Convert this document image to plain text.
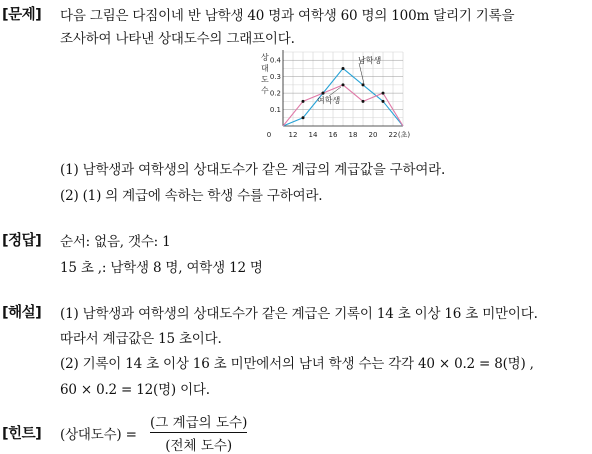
[문제] 다음 그림은 다짐이네 반 남학생 40 명과 여학생 60 명의 100m 달리기 기록을
조사하여 나타낸 상대도수의 그래프이다.
0 12 14 16 18 20 22 (초)
0.1
0.2
0.3
0.4
상 대 도 수
남학생
여학생
(1) 남학생과 여학생의 상대도수가 같은 계급의 계급값을 구하여라.
(2) (1) 의 계급에 속하는 학생 수를 구하여라.
[정답] 순서: 없음, 갯수: 1
15 초 ,: 남학생 8 명, 여학생 12 명
[해설] (1) 남학생과 여학생의 상대도수가 같은 계급은 기록이 14 초 이상 16 초 미만이다.
따라서 계급값은 15 초이다.
(2) 기록이 14 초 이상 16 초 미만에서의 남녀 학생 수는 각각 40 × 0.2 = 8(명) ,
60 × 0.2 = 12(명) 이다.
[힌트] (상대도수) =
(그 계급의 도수)
(전체 도수)
